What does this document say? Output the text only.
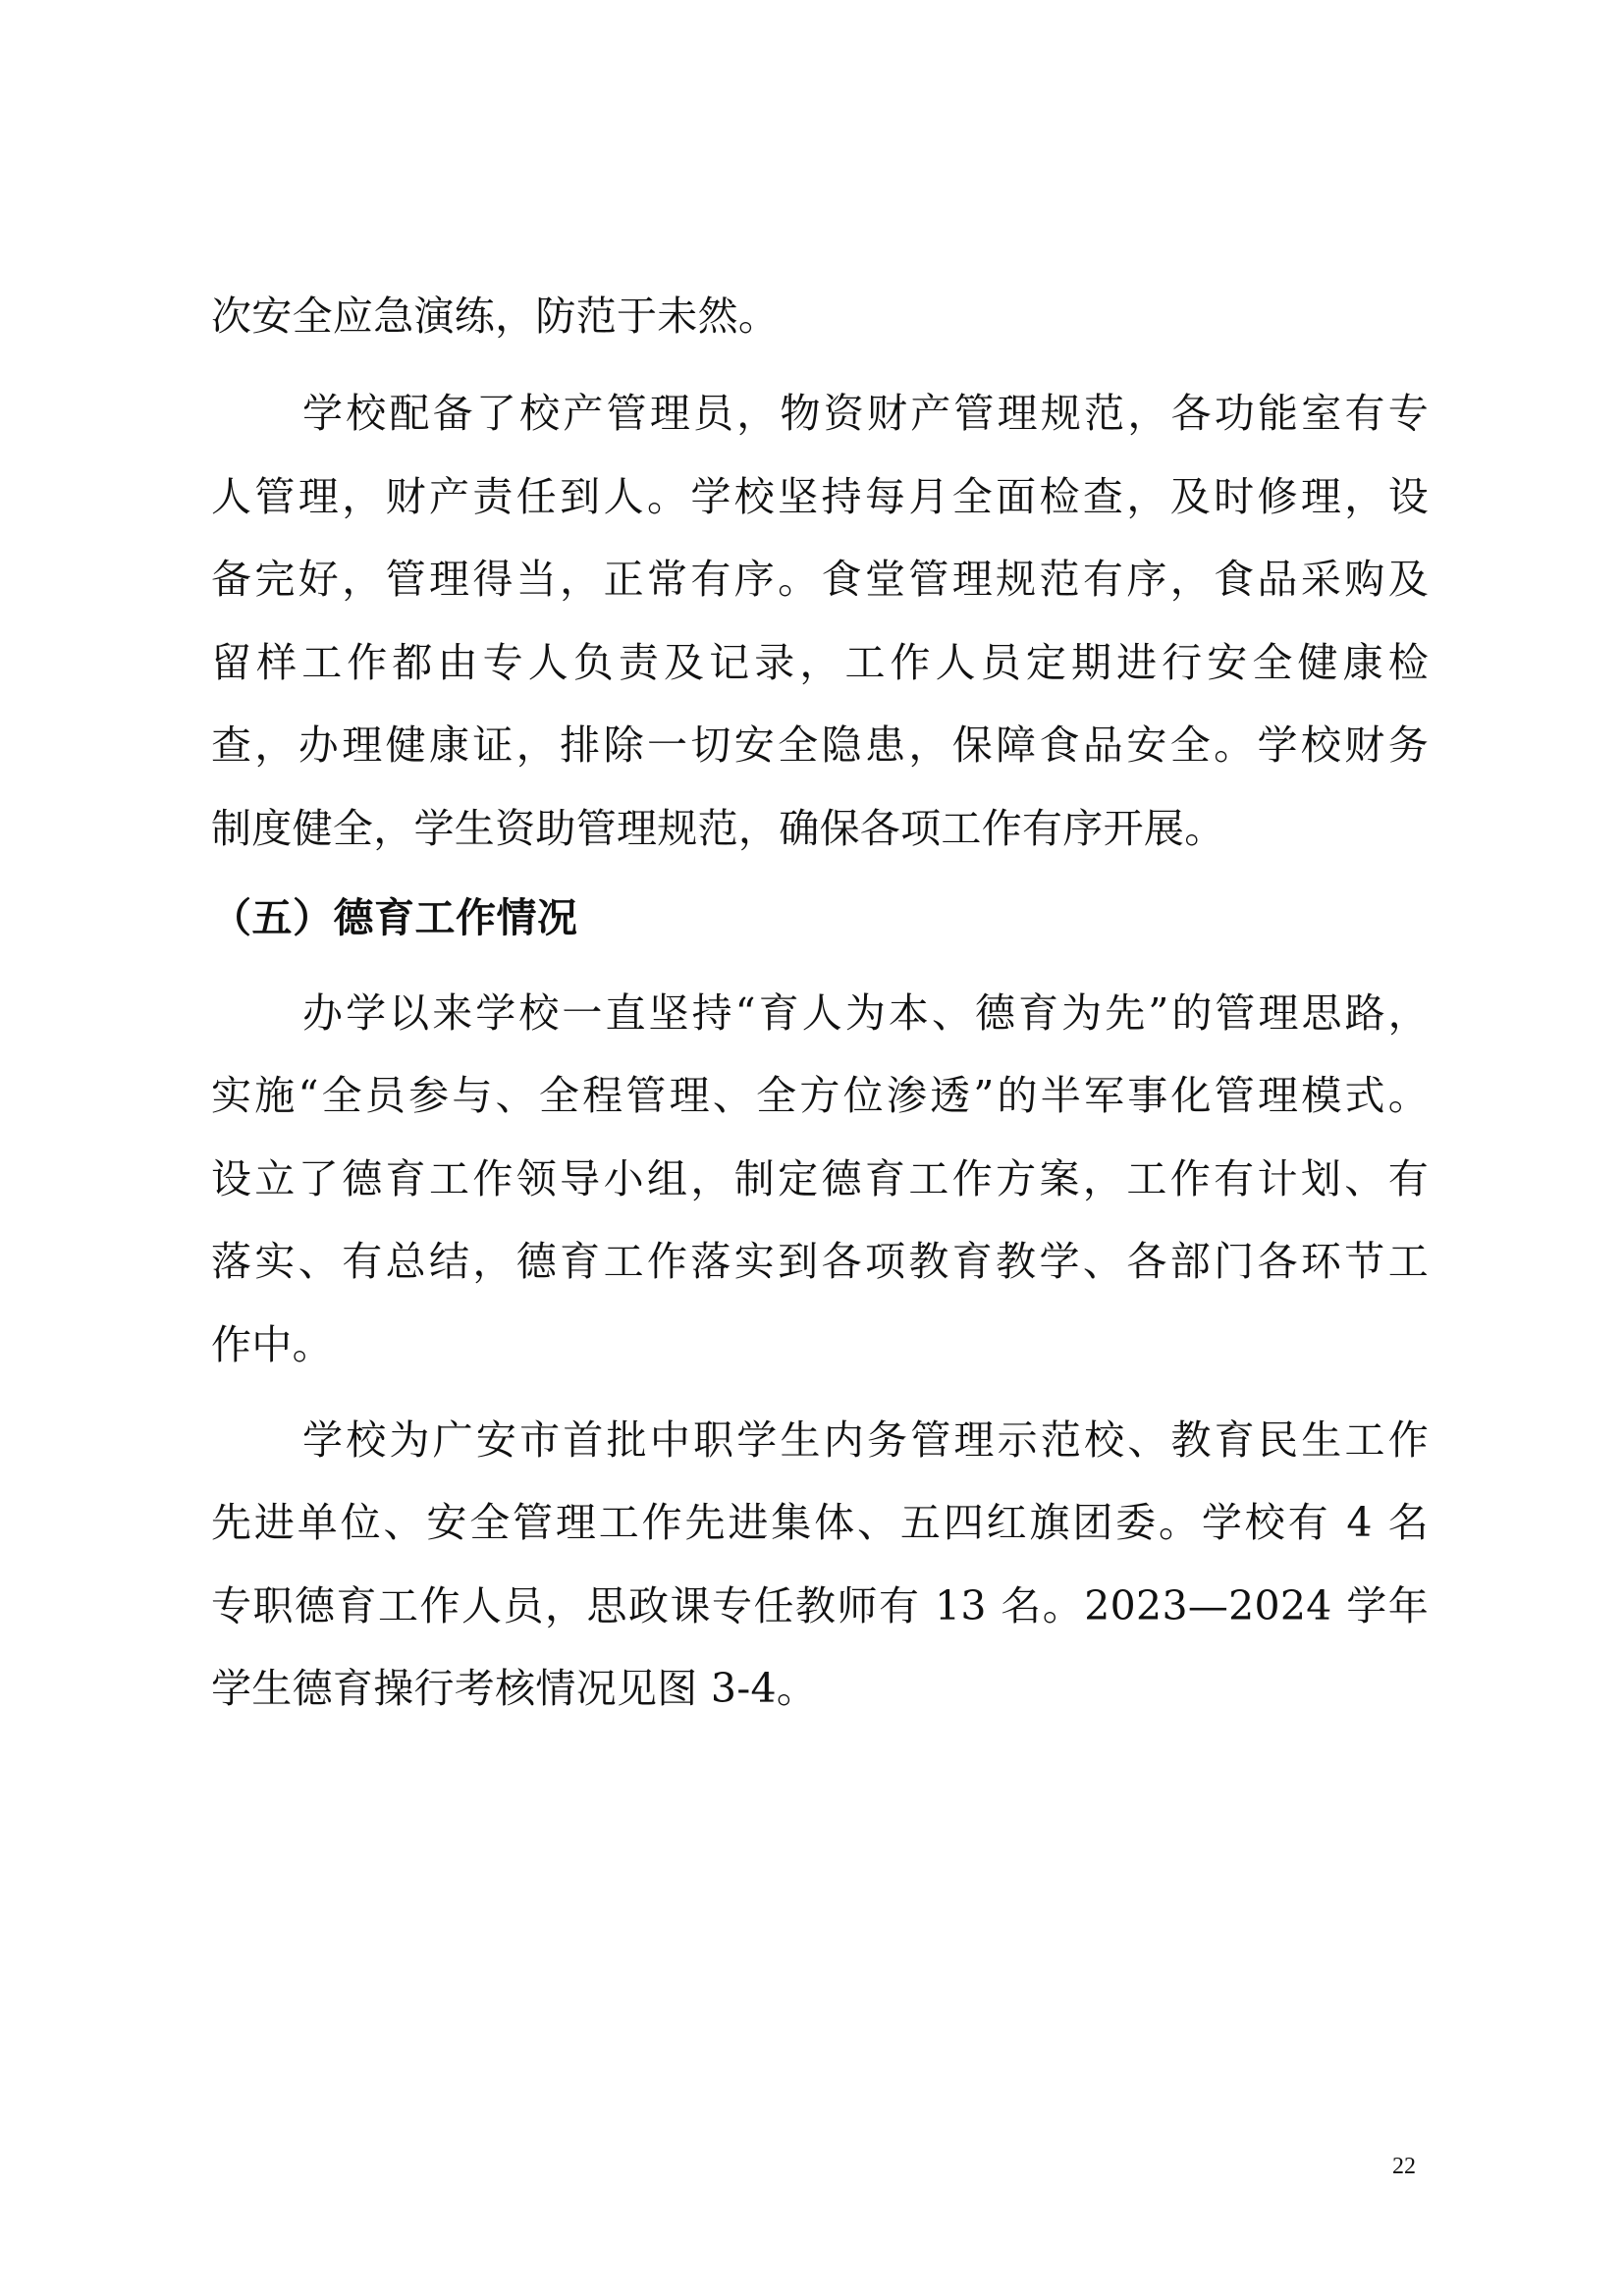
次安全应急演练，防范于未然。
学校配备了校产管理员，物资财产管理规范，各功能室有专
人管理，财产责任到人。学校坚持每月全面检查，及时修理，设
备完好，管理得当，正常有序。食堂管理规范有序，食品采购及
留样工作都由专人负责及记录，工作人员定期进行安全健康检
查，办理健康证，排除一切安全隐患，保障食品安全。学校财务
制度健全，学生资助管理规范，确保各项工作有序开展。
（五）德育工作情况
办学以来学校一直坚持“育人为本、德育为先”的管理思路，
实施“全员参与、全程管理、全方位渗透”的半军事化管理模式。
设立了德育工作领导小组，制定德育工作方案，工作有计划、有
落实、有总结，德育工作落实到各项教育教学、各部门各环节工
作中。
学校为广安市首批中职学生内务管理示范校、教育民生工作
先进单位、安全管理工作先进集体、五四红旗团委。学校有 4 名
专职德育工作人员，思政课专任教师有 13 名。2023—2024 学年
学生德育操行考核情况见图 3-4。
22
